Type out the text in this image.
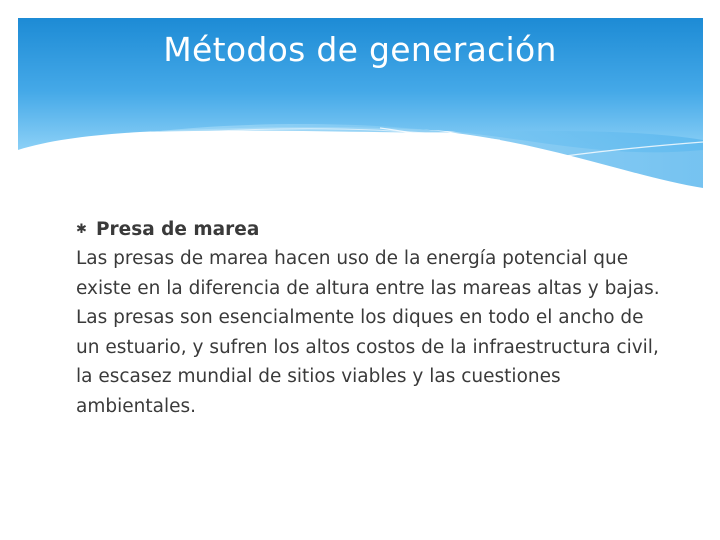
Métodos de generación
✱ Presa de marea

Las presas de marea hacen uso de la energía potencial que existe en la diferencia de altura entre las mareas altas y bajas. Las presas son esencialmente los diques en todo el ancho de un estuario, y sufren los altos costos de la infraestructura civil, la escasez mundial de sitios viables y las cuestiones ambientales.
